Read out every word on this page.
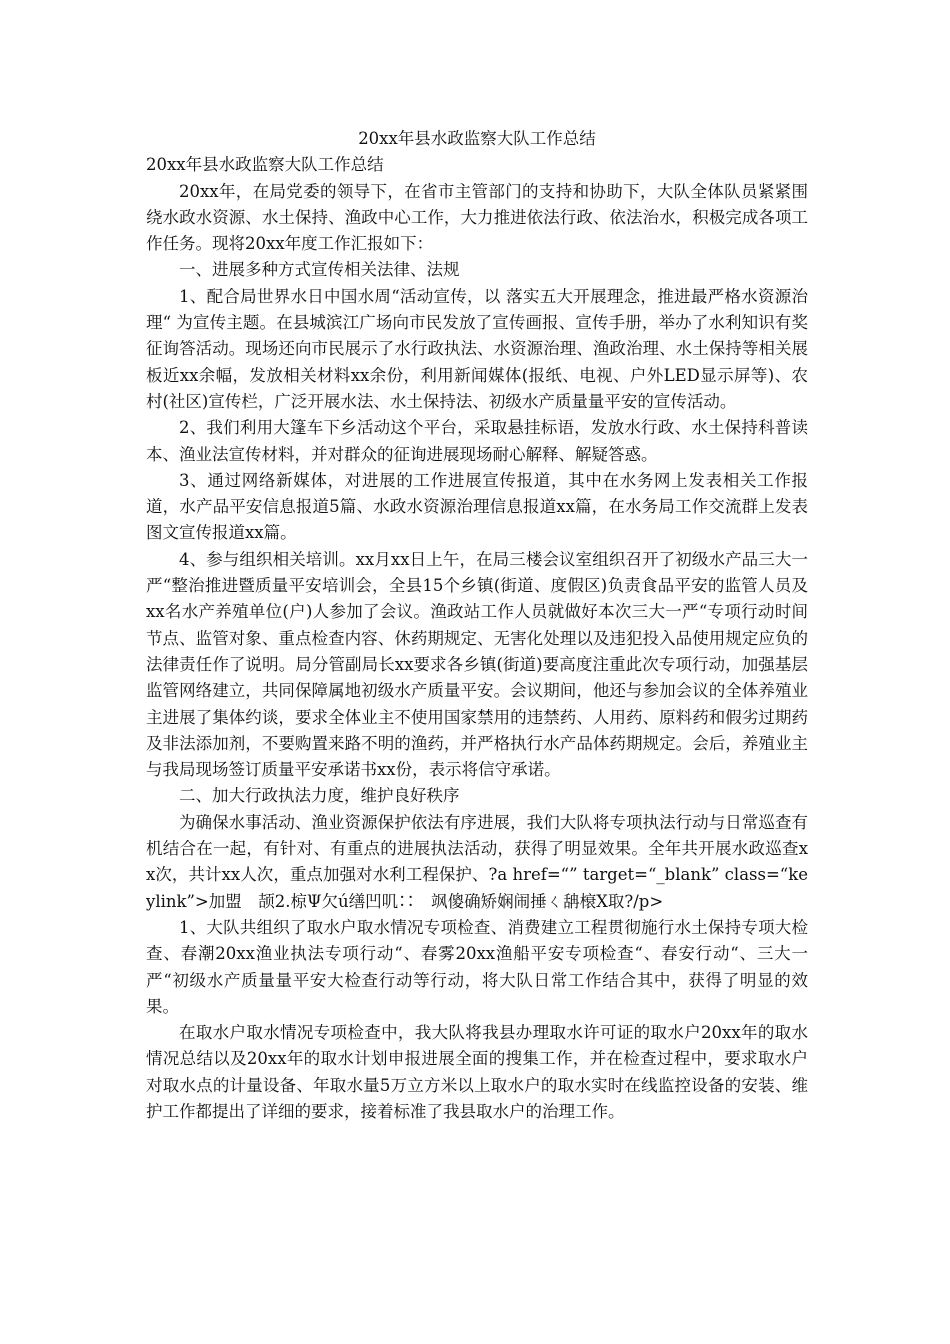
20xx年县水政监察大队工作总结

20xx年县水政监察大队工作总结

20xx年，在局党委的领导下，在省市主管部门的支持和协助下，大队全体队员紧紧围绕水政水资源、水土保持、渔政中心工作，大力推进依法行政、依法治水，积极完成各项工作任务。现将20xx年度工作汇报如下：

一、进展多种方式宣传相关法律、法规

1、配合局世界水日中国水周“活动宣传，以 落实五大开展理念，推进最严格水资源治理“ 为宣传主题。在县城滨江广场向市民发放了宣传画报、宣传手册，举办了水利知识有奖征询答活动。现场还向市民展示了水行政执法、水资源治理、渔政治理、水土保持等相关展板近xx余幅，发放相关材料xx余份，利用新闻媒体(报纸、电视、户外LED显示屏等)、农村(社区)宣传栏，广泛开展水法、水土保持法、初级水产质量量平安的宣传活动。

2、我们利用大篷车下乡活动这个平台，采取悬挂标语，发放水行政、水土保持科普读本、渔业法宣传材料，并对群众的征询进展现场耐心解释、解疑答惑。

3、通过网络新媒体，对进展的工作进展宣传报道，其中在水务网上发表相关工作报道，水产品平安信息报道5篇、水政水资源治理信息报道xx篇，在水务局工作交流群上发表图文宣传报道xx篇。

4、参与组织相关培训。xx月xx日上午，在局三楼会议室组织召开了初级水产品三大一严“整治推进暨质量平安培训会，全县15个乡镇(街道、度假区)负责食品平安的监管人员及xx名水产养殖单位(户)人参加了会议。渔政站工作人员就做好本次三大一严“专项行动时间节点、监管对象、重点检查内容、休药期规定、无害化处理以及违犯投入品使用规定应负的法律责任作了说明。局分管副局长xx要求各乡镇(街道)要高度注重此次专项行动，加强基层监管网络建立，共同保障属地初级水产质量平安。会议期间，他还与参加会议的全体养殖业主进展了集体约谈，要求全体业主不使用国家禁用的违禁药、人用药、原料药和假劣过期药及非法添加剂，不要购置来路不明的渔药，并严格执行水产品体药期规定。会后，养殖业主与我局现场签订质量平安承诺书xx份，表示将信守承诺。

二、加大行政执法力度，维护良好秩序

为确保水事活动、渔业资源保护依法有序进展，我们大队将专项执法行动与日常巡查有机结合在一起，有针对、有重点的进展执法活动，获得了明显效果。全年共开展水政巡查xx次，共计xx人次，重点加强对水利工程保护、?a href=“” target=“_blank” class=“keylink”>加盟　颉2.椋Ψ欠ú缮凹叽∷　飒傻确矫娴闹捶ㄑ舑榱X取?/p>

1、大队共组织了取水户取水情况专项检查、消费建立工程贯彻施行水土保持专项大检查、春潮20xx渔业执法专项行动“、春雾20xx渔船平安专项检查“、春安行动“、三大一严“初级水产质量量平安大检查行动等行动，将大队日常工作结合其中，获得了明显的效果。

在取水户取水情况专项检查中，我大队将我县办理取水许可证的取水户20xx年的取水情况总结以及20xx年的取水计划申报进展全面的搜集工作，并在检查过程中，要求取水户对取水点的计量设备、年取水量5万立方米以上取水户的取水实时在线监控设备的安装、维护工作都提出了详细的要求，接着标准了我县取水户的治理工作。
